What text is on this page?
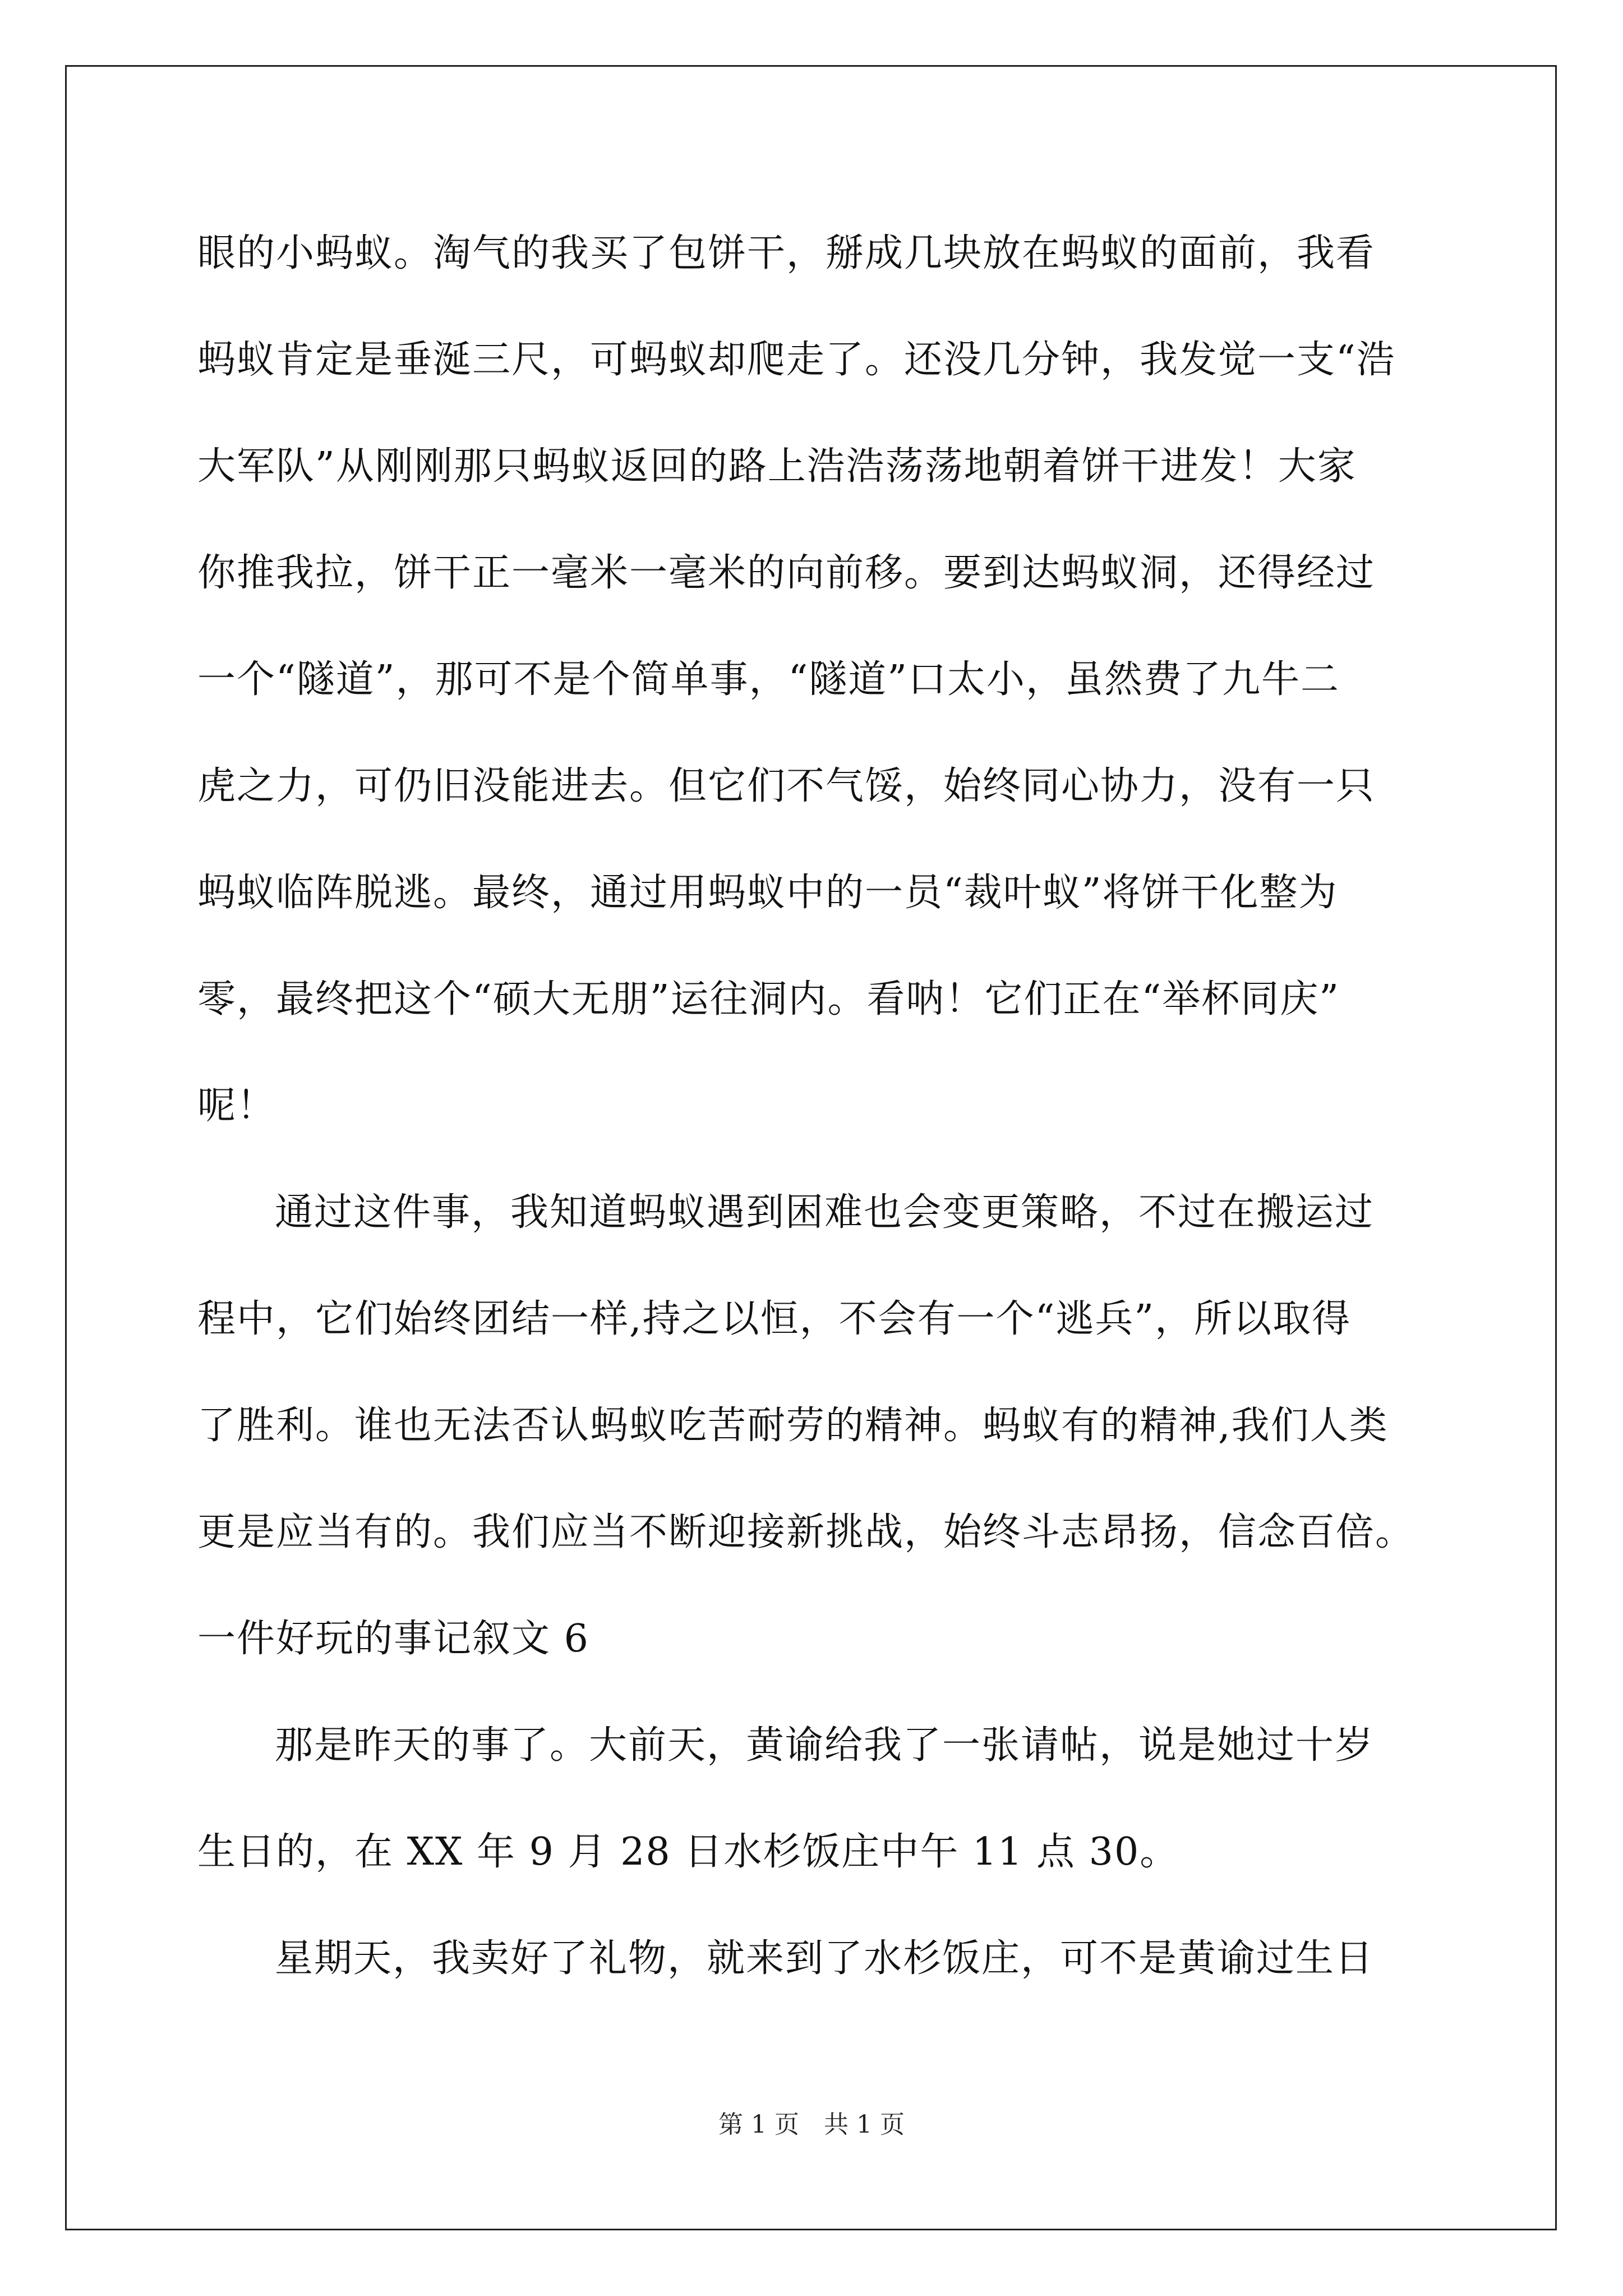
眼的小蚂蚁。淘气的我买了包饼干，掰成几块放在蚂蚁的面前，我看
蚂蚁肯定是垂涎三尺，可蚂蚁却爬走了。还没几分钟，我发觉一支“浩
大军队”从刚刚那只蚂蚁返回的路上浩浩荡荡地朝着饼干进发！大家
你推我拉，饼干正一毫米一毫米的向前移。要到达蚂蚁洞，还得经过
一个“隧道”，那可不是个简单事，“隧道”口太小，虽然费了九牛二
虎之力，可仍旧没能进去。但它们不气馁，始终同心协力，没有一只
蚂蚁临阵脱逃。最终，通过用蚂蚁中的一员“裁叶蚁”将饼干化整为
零，最终把这个“硕大无朋”运往洞内。看呐！它们正在“举杯同庆”
呢！
通过这件事，我知道蚂蚁遇到困难也会变更策略，不过在搬运过
程中，它们始终团结一样,持之以恒，不会有一个“逃兵”，所以取得
了胜利。谁也无法否认蚂蚁吃苦耐劳的精神。蚂蚁有的精神,我们人类
更是应当有的。我们应当不断迎接新挑战，始终斗志昂扬，信念百倍。
一件好玩的事记叙文 6
那是昨天的事了。大前天，黄谕给我了一张请帖，说是她过十岁
生日的，在 XX 年 9 月 28 日水杉饭庄中午 11 点 30。
星期天，我卖好了礼物，就来到了水杉饭庄，可不是黄谕过生日
第 1 页　共 1 页
